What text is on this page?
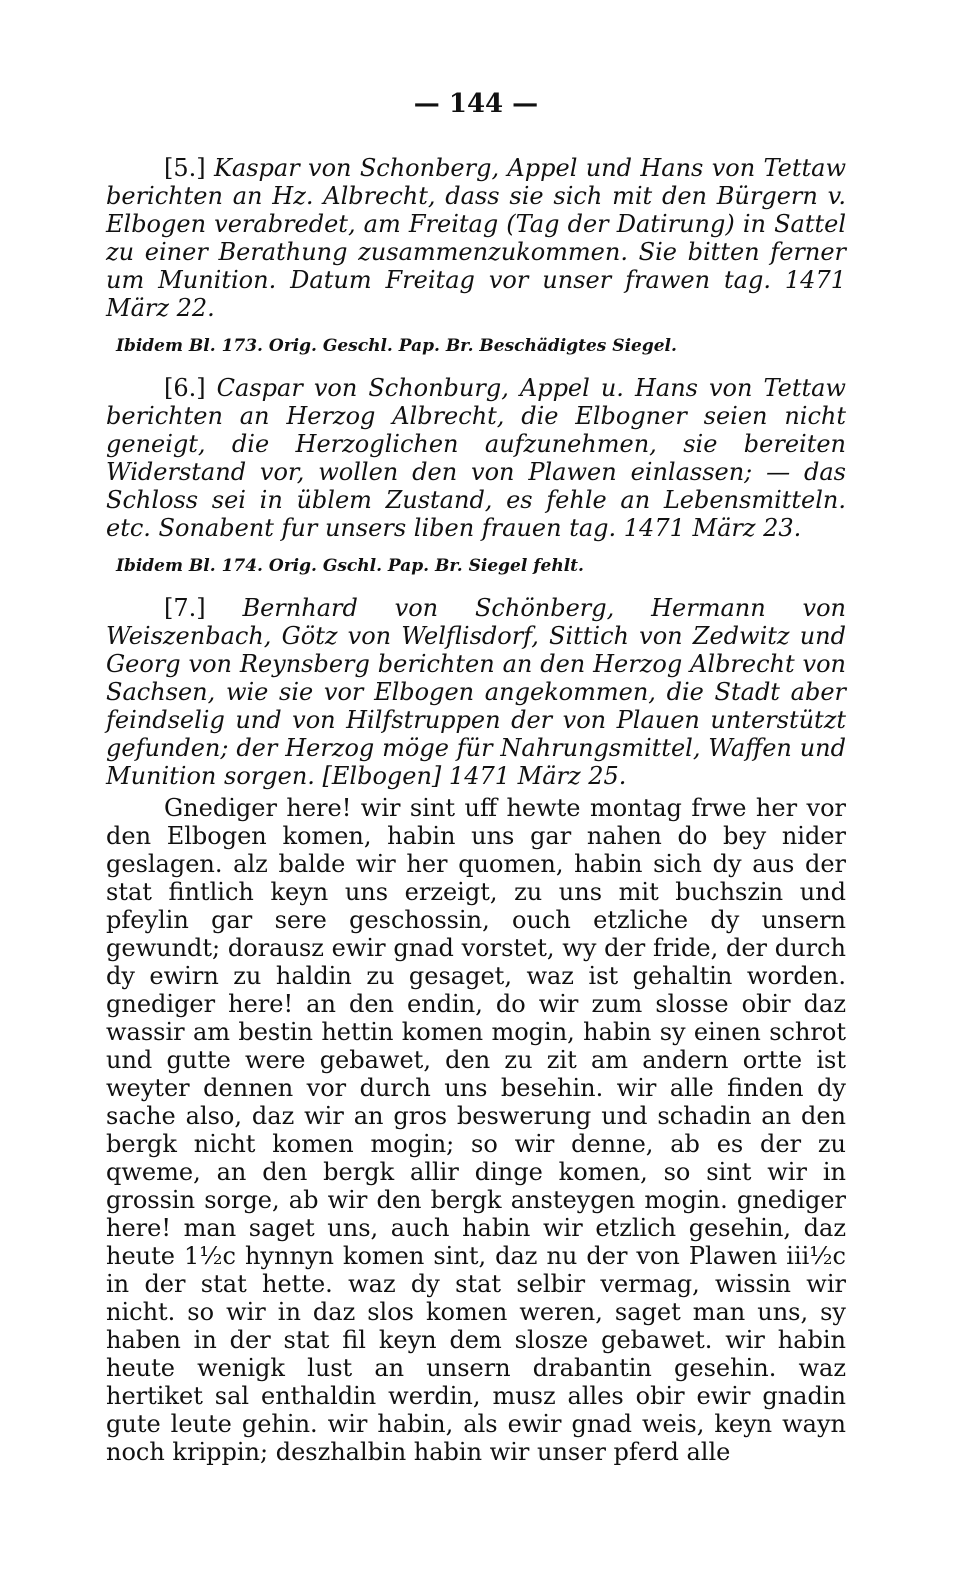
— 144 —

[5.] Kaspar von Schonberg, Appel und Hans von Tettaw berichten an Hz. Albrecht, dass sie sich mit den Bürgern v. Elbogen verabredet, am Freitag (Tag der Datirung) in Sattel zu einer Berathung zusammenzukommen. Sie bitten ferner um Munition. Datum Freitag vor unser frawen tag. 1471 März 22.

Ibidem Bl. 173. Orig. Geschl. Pap. Br. Beschädigtes Siegel.

[6.] Caspar von Schonburg, Appel u. Hans von Tettaw berichten an Herzog Albrecht, die Elbogner seien nicht geneigt, die Herzoglichen aufzunehmen, sie bereiten Widerstand vor, wollen den von Plawen einlassen; — das Schloss sei in üblem Zustand, es fehle an Lebensmitteln. etc. Sonabent fur unsers liben frauen tag. 1471 März 23.

Ibidem Bl. 174. Orig. Gschl. Pap. Br. Siegel fehlt.

[7.] Bernhard von Schönberg, Hermann von Weiszenbach, Götz von Welflisdorf, Sittich von Zedwitz und Georg von Reynsberg berichten an den Herzog Albrecht von Sachsen, wie sie vor Elbogen angekommen, die Stadt aber feindselig und von Hilfstruppen der von Plauen unterstützt gefunden; der Herzog möge für Nahrungsmittel, Waffen und Munition sorgen. [Elbogen] 1471 März 25.

Gnediger here! wir sint uff hewte montag frwe her vor den Elbogen komen, habin uns gar nahen do bey nider geslagen. alz balde wir her quomen, habin sich dy aus der stat fintlich keyn uns erzeigt, zu uns mit buchszin und pfeylin gar sere geschossin, ouch etzliche dy unsern gewundt; dorausz ewir gnad vorstet, wy der fride, der durch dy ewirn zu haldin zu gesaget, waz ist gehaltin worden. gnediger here! an den endin, do wir zum slosse obir daz wassir am bestin hettin komen mogin, habin sy einen schrot und gutte were gebawet, den zu zit am andern ortte ist weyter dennen vor durch uns besehin. wir alle finden dy sache also, daz wir an gros beswerung und schadin an den bergk nicht komen mogin; so wir denne, ab es der zu qweme, an den bergk allir dinge komen, so sint wir in grossin sorge, ab wir den bergk ansteygen mogin. gnediger here! man saget uns, auch habin wir etzlich gesehin, daz heute 1½c hynnyn komen sint, daz nu der von Plawen iii½c in der stat hette. waz dy stat selbir vermag, wissin wir nicht. so wir in daz slos komen weren, saget man uns, sy haben in der stat fil keyn dem slosze gebawet. wir habin heute wenigk lust an unsern drabantin gesehin. waz hertiket sal enthaldin werdin, musz alles obir ewir gnadin gute leute gehin. wir habin, als ewir gnad weis, keyn wayn noch krippin; deszhalbin habin wir unser pferd alle
